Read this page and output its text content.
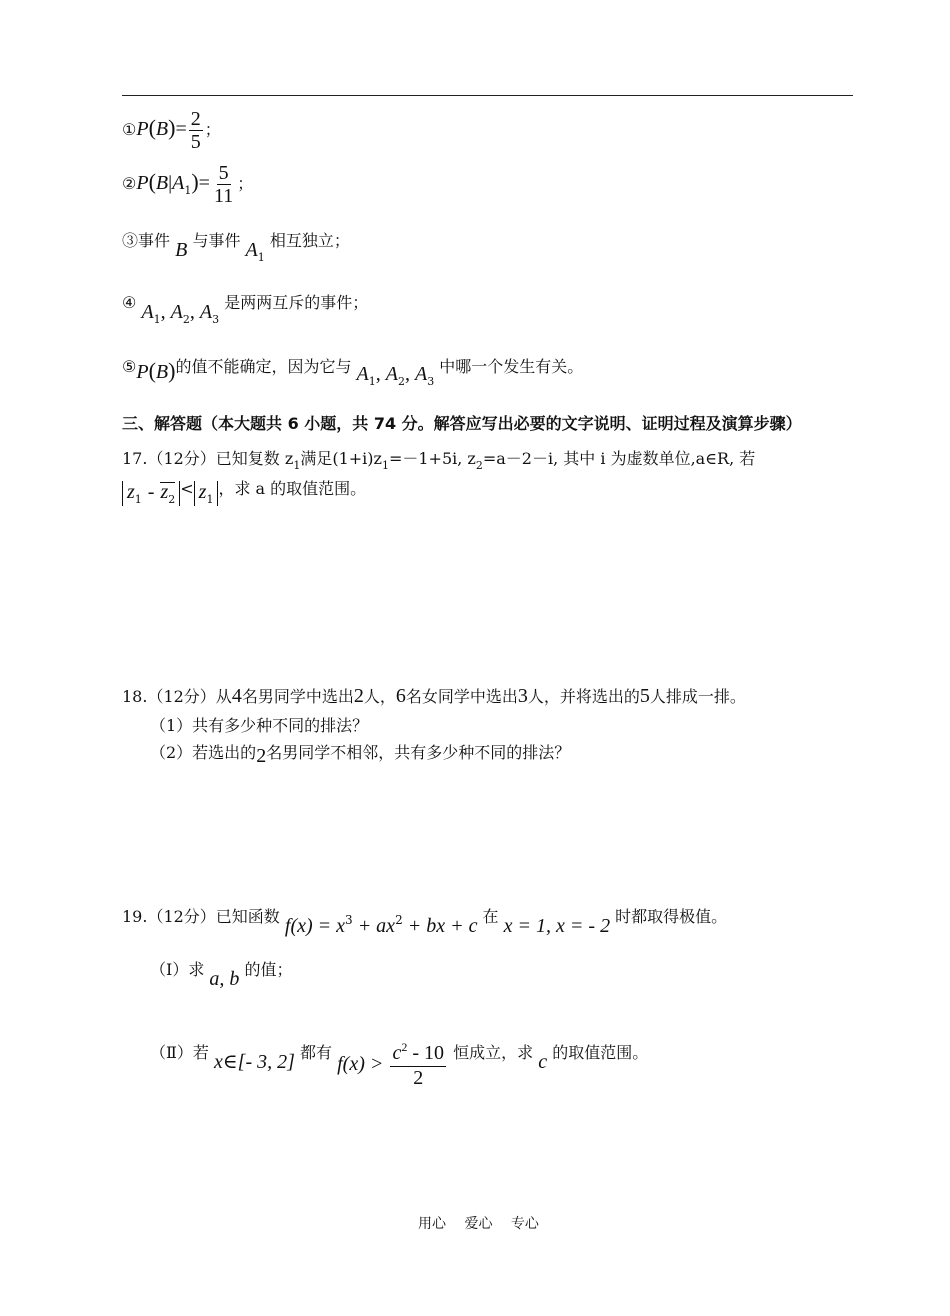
①P(B)= $\frac{2}{5}$ ；
$②P(B|A_1)= \frac{5}{11}$ ；
③事件 B 与事件 $A_1$ 相互独立；
④ $A_1$, $A_2$, $A_3$ 是两两互斥的事件；
⑤P(B)的值不能确定，因为它与 $A_1$, $A_2$, $A_3$ 中哪一个发生有关。
三、解答题（本大题共 6 小题，共 74 分。解答应写出必要的文字说明、证明过程及演算步骤）
17.（12分）已知复数 $z_1$满足$(1+i)z_1=-1+5i$, $z_2=a-2-i$, 其中 i 为虚数单位,a∈R, 若
$z_1 - z_2< z_1$，求 a 的取值范围。
18.（12分）从4名男同学中选出2人，6名女同学中选出3人，并将选出的5人排成一排。
（1）共有多少种不同的排法？
（2）若选出的2名男同学不相邻，共有多少种不同的排法？
19.（12分）已知函数 $f(x) = x^3 + ax^2$ + bx + c 在 x = 1, x = - 2 时都取得极值。
（Ⅰ）求 a, b 的值；
（Ⅱ）若 x∈[- 3, 2] 都有 $f(x) > \frac{c^2 - 10}{2}$ 恒成立，求 c 的取值范围。
用心　 爱心　 专心
